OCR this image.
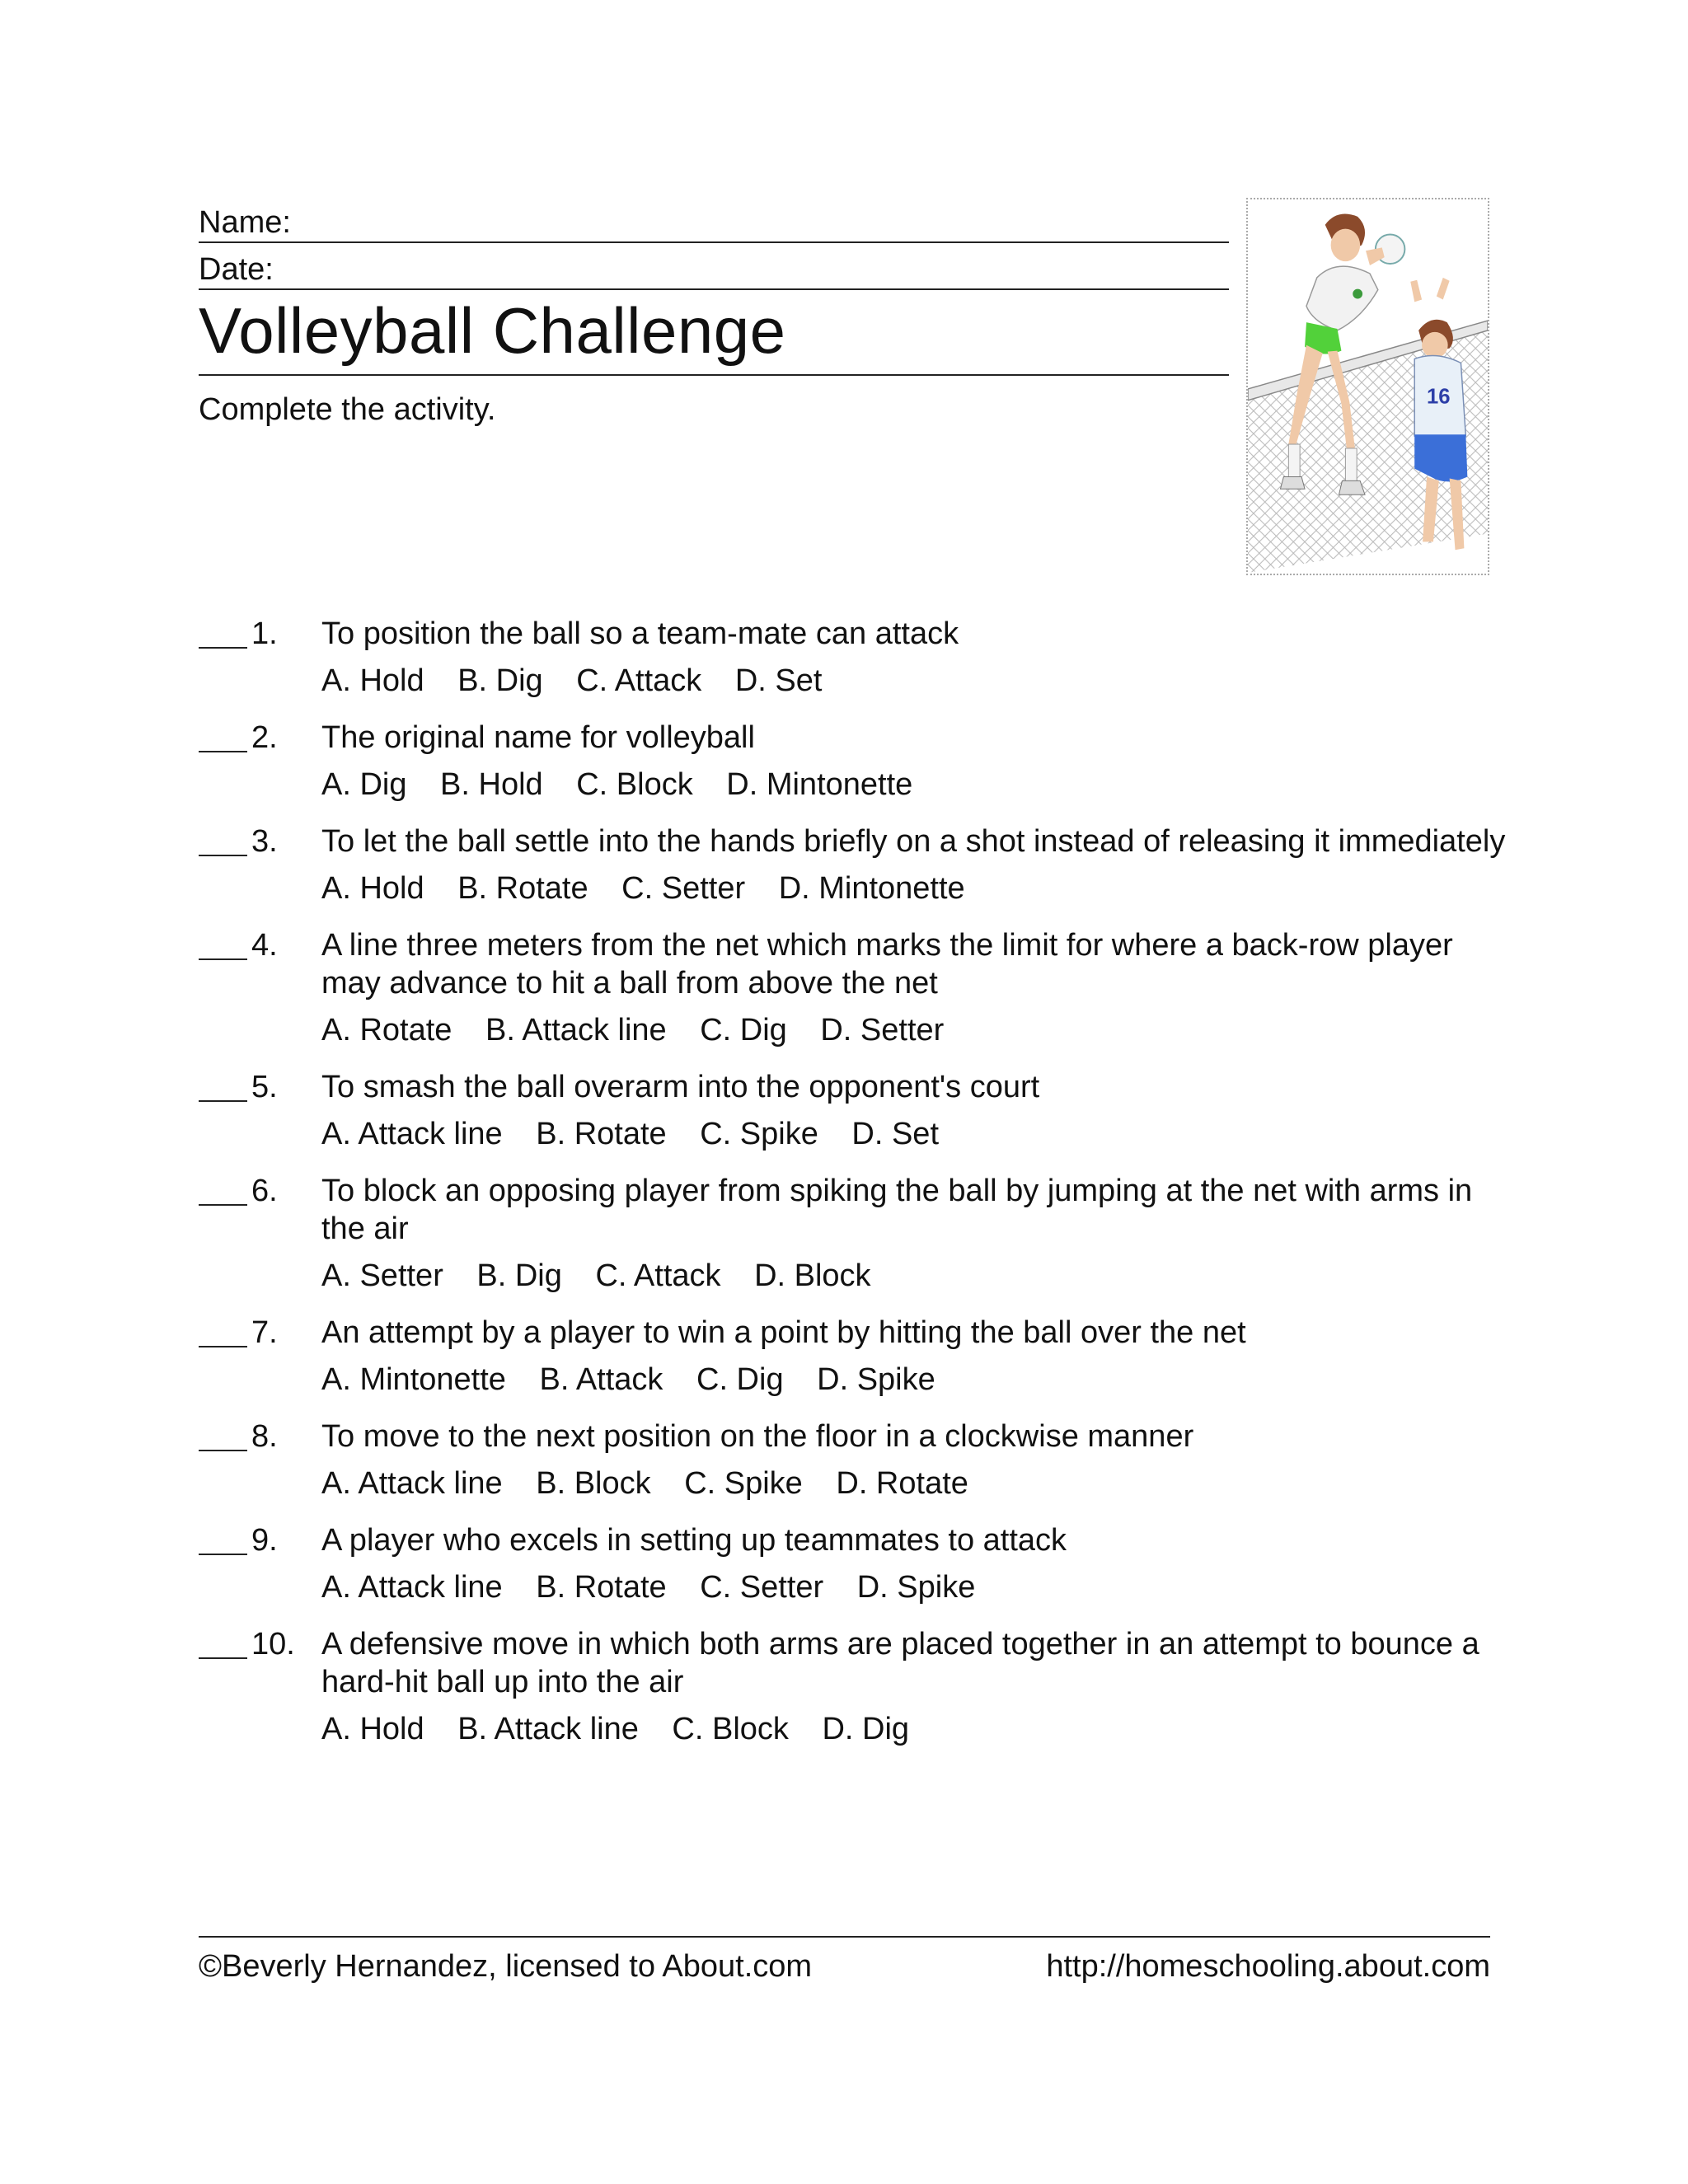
Name:
Date:
Volleyball Challenge
Complete the activity.	16
1. To position the ball so a team-mate can attack
A. Hold B. Dig C. Attack D. Set
2. The original name for volleyball
A. Dig B. Hold C. Block D. Mintonette
3. To let the ball settle into the hands briefly on a shot instead of releasing it immediately
A. Hold B. Rotate C. Setter D. Mintonette
4. A line three meters from the net which marks the limit for where a back-row player may advance to hit a ball from above the net
A. Rotate B. Attack line C. Dig D. Setter
5. To smash the ball overarm into the opponent's court
A. Attack line B. Rotate C. Spike D. Set
6. To block an opposing player from spiking the ball by jumping at the net with arms in the air
A. Setter B. Dig C. Attack D. Block
7. An attempt by a player to win a point by hitting the ball over the net
A. Mintonette B. Attack C. Dig D. Spike
8. To move to the next position on the floor in a clockwise manner
A. Attack line B. Block C. Spike D. Rotate
9. A player who excels in setting up teammates to attack
A. Attack line B. Rotate C. Setter D. Spike
10. A defensive move in which both arms are placed together in an attempt to bounce a hard-hit ball up into the air
A. Hold B. Attack line C. Block D. Dig
©Beverly Hernandez, licensed to About.com	http://homeschooling.about.com
